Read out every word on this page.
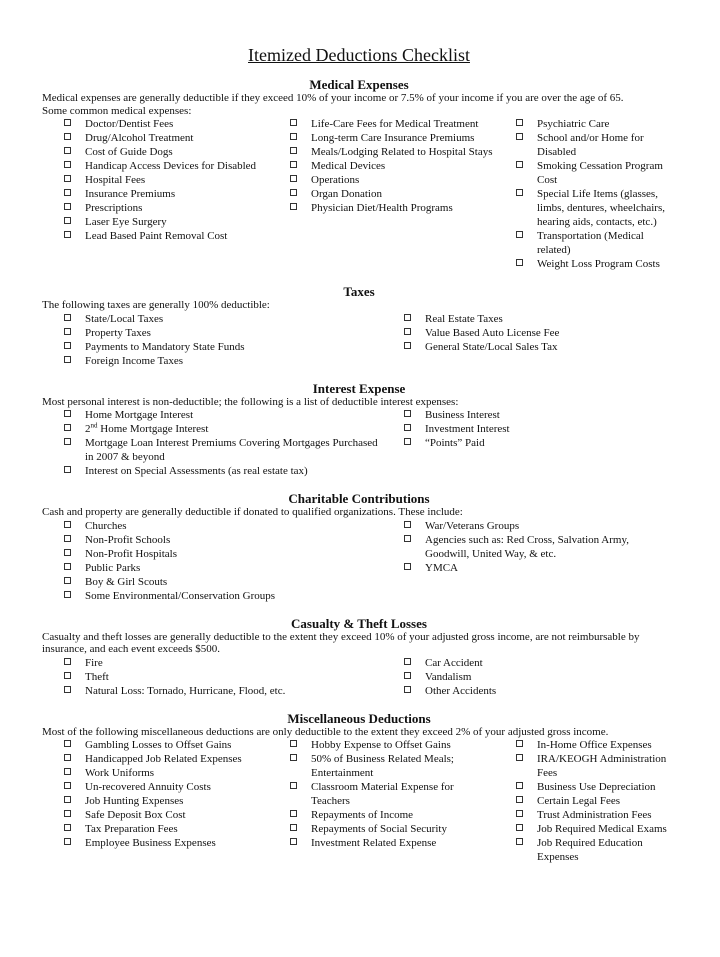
Itemized Deductions Checklist
Medical Expenses

Medical expenses are generally deductible if they exceed 10% of your income or 7.5% of your income if you are over the age of 65.

Some common medical expenses:

Doctor/Dentist Fees
Drug/Alcohol Treatment
Cost of Guide Dogs
Handicap Access Devices for Disabled
Hospital Fees
Insurance Premiums
Prescriptions
Laser Eye Surgery
Lead Based Paint Removal Cost
Life-Care Fees for Medical Treatment
Long-term Care Insurance Premiums
Meals/Lodging Related to Hospital Stays
Medical Devices
Operations
Organ Donation
Physician Diet/Health Programs
Psychiatric Care
School and/or Home for Disabled
Smoking Cessation Program Cost
Special Life Items (glasses, limbs, dentures, wheelchairs, hearing aids, contacts, etc.)
Transportation (Medical related)
Weight Loss Program Costs
Taxes

The following taxes are generally 100% deductible:

State/Local Taxes
Property Taxes
Payments to Mandatory State Funds
Foreign Income Taxes
Real Estate Taxes
Value Based Auto License Fee
General State/Local Sales Tax
Interest Expense

Most personal interest is non-deductible; the following is a list of deductible interest expenses:

Home Mortgage Interest
2nd Home Mortgage Interest
Mortgage Loan Interest Premiums Covering Mortgages Purchased in 2007 & beyond
Interest on Special Assessments (as real estate tax)
Business Interest
Investment Interest
“Points” Paid
Charitable Contributions

Cash and property are generally deductible if donated to qualified organizations. These include:

Churches
Non-Profit Schools
Non-Profit Hospitals
Public Parks
Boy & Girl Scouts
Some Environmental/Conservation Groups
War/Veterans Groups
Agencies such as: Red Cross, Salvation Army, Goodwill, United Way, & etc.
YMCA
Casualty & Theft Losses

Casualty and theft losses are generally deductible to the extent they exceed 10% of your adjusted gross income, are not reimbursable by insurance, and each event exceeds $500.

Fire
Theft
Natural Loss: Tornado, Hurricane, Flood, etc.
Car Accident
Vandalism
Other Accidents
Miscellaneous Deductions

Most of the following miscellaneous deductions are only deductible to the extent they exceed 2% of your adjusted gross income.

Gambling Losses to Offset Gains
Handicapped Job Related Expenses
Work Uniforms
Un-recovered Annuity Costs
Job Hunting Expenses
Safe Deposit Box Cost
Tax Preparation Fees
Employee Business Expenses
Hobby Expense to Offset Gains
50% of Business Related Meals; Entertainment
Classroom Material Expense for Teachers
Repayments of Income
Repayments of Social Security
Investment Related Expense
In-Home Office Expenses
IRA/KEOGH Administration Fees
Business Use Depreciation
Certain Legal Fees
Trust Administration Fees
Job Required Medical Exams
Job Required Education Expenses
